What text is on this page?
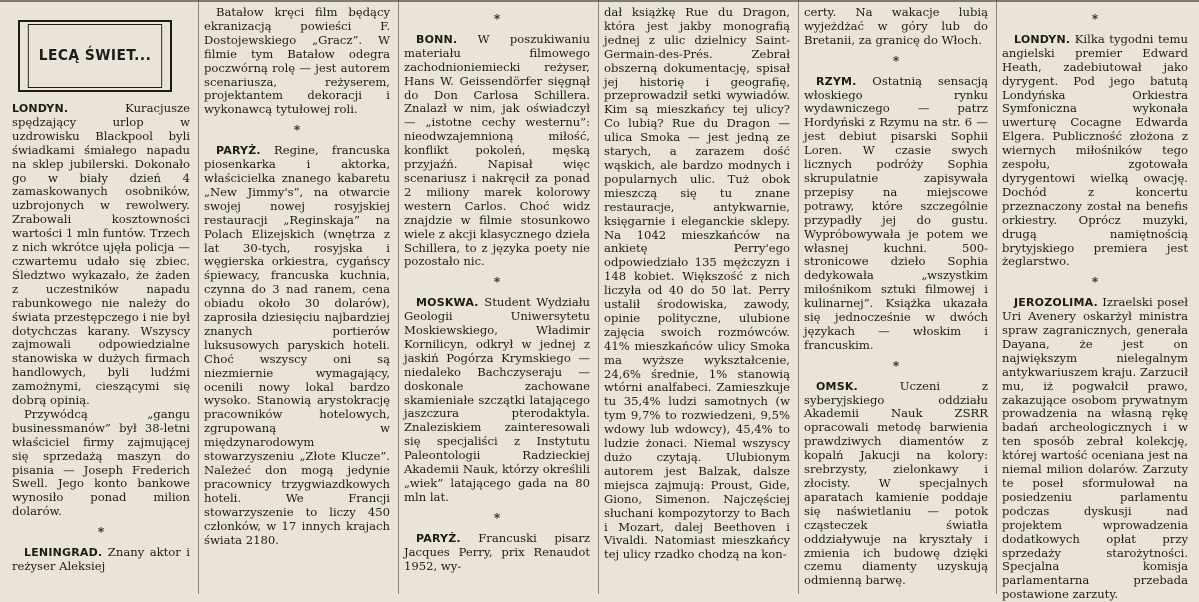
LECĄ ŚWIET...

LONDYN. Kuracjusze spędzający urlop w uzdrowisku Blackpool byli świadkami śmiałego napadu na sklep jubilerski. Dokonało go w biały dzień 4 zamaskowanych osobników, uzbrojonych w rewolwery. Zrabowali kosztowności wartości 1 mln funtów. Trzech z nich wkrótce ujęła policja — czwartemu udało się zbiec. Śledztwo wykazało, że żaden z uczestników napadu rabunkowego nie należy do świata przestępczego i nie był dotychczas karany. Wszyscy zajmowali odpowiedzialne stanowiska w dużych firmach handlowych, byli ludźmi zamożnymi, cieszącymi się dobrą opinią.

Przywódcą „gangu businessmanów” był 38-letni właściciel firmy zajmującej się sprzedażą maszyn do pisania — Joseph Frederich Swell. Jego konto bankowe wynosiło ponad milion dolarów.

*

LENINGRAD. Znany aktor i reżyser Aleksiej

Batałow kręci film będący ekranizacją powieści F. Dostojewskiego „Gracz”. W filmie tym Batałow odegra poczwórną rolę — jest autorem scenariusza, reżyserem, projektantem dekoracji i wykonawcą tytułowej roli.

*

PARYŻ. Regine, francuska piosenkarka i aktorka, właścicielka znanego kabaretu „New Jimmy's”, na otwarcie swojej nowej rosyjskiej restauracji „Reginskaja” na Polach Elizejskich (wnętrza z lat 30-tych, rosyjska i węgierska orkiestra, cygańscy śpiewacy, francuska kuchnia, czynna do 3 nad ranem, cena obiadu około 30 dolarów), zaprosiła dziesięciu najbardziej znanych portierów luksusowych paryskich hoteli. Choć wszyscy oni są niezmiernie wymagający, ocenili nowy lokal bardzo wysoko. Stanowią arystokrację pracowników hotelowych, zgrupowaną w międzynarodowym stowarzyszeniu „Złote Klucze”. Należeć don mogą jedynie pracownicy trzygwiazdkowych hoteli. We Francji stowarzyszenie to liczy 450 członków, w 17 innych krajach świata 2180.

*

BONN. W poszukiwaniu materiału filmowego zachodnioniemiecki reżyser, Hans W. Geissendörfer sięgnął do Don Carlosa Schillera. Znalazł w nim, jak oświadczył — „istotne cechy westernu”: nieodwzajemnioną miłość, konflikt pokoleń, męską przyjaźń. Napisał więc scenariusz i nakręcił za ponad 2 miliony marek kolorowy western Carlos. Choć widz znajdzie w filmie stosunkowo wiele z akcji klasycznego dzieła Schillera, to z języka poety nie pozostało nic.

*

MOSKWA. Student Wydziału Geologii Uniwersytetu Moskiewskiego, Władimir Korniliсyn, odkrył w jednej z jaskiń Pogórza Krymskiego — niedaleko Bachczyseraju — doskonale zachowane skamieniałe szczątki latającego jaszczura pterodaktyla. Znaleziskiem zainteresowali się specjaliści z Instytutu Paleontologii Radzieckiej Akademii Nauk, którzy określili „wiek” latającego gada na 80 mln lat.

*

PARYŻ. Francuski pisarz Jacques Perry, prix Renaudot 1952, wy-

dał książkę Rue du Dragon, która jest jakby monografią jednej z ulic dzielnicy Saint-Germain-des-Prés. Zebrał obszerną dokumentację, spisał jej historię i geografię, przeprowadził setki wywiadów. Kim są mieszkańcy tej ulicy? Co lubią? Rue du Dragon — ulica Smoka — jest jedną ze starych, a zarazem dość wąskich, ale bardzo modnych i popularnych ulic. Tuż obok mieszczą się tu znane restauracje, antykwarnie, księgarnie i eleganckie sklepy. Na 1042 mieszkańców na ankietę Perry'ego odpowiedziało 135 mężczyzn i 148 kobiet. Większość z nich liczyła od 40 do 50 lat. Perry ustalił środowiska, zawody, opinie polityczne, ulubione zajęcia swoich rozmówców. 41% mieszkańców ulicy Smoka ma wyższe wykształcenie, 24,6% średnie, 1% stanowią wtórni analfabeci. Zamieszkuje tu 35,4% ludzi samotnych (w tym 9,7% to rozwiedzeni, 9,5% wdowy lub wdowcy), 45,4% to ludzie żonaci. Niemal wszyscy dużo czytają. Ulubionym autorem jest Balzak, dalsze miejsca zajmują: Proust, Gide, Giono, Simenon. Najczęściej słuchani kompozytorzy to Bach i Mozart, dalej Beethoven i Vivaldi. Natomiast mieszkańcy tej ulicy rzadko chodzą na kon-

certy. Na wakacje lubią wyjeżdżać w góry lub do Bretanii, za granicę do Włoch.

*

RZYM. Ostatnią sensacją włoskiego rynku wydawniczego — patrz Hordyński z Rzymu na str. 6 — jest debiut pisarski Sophii Loren. W czasie swych licznych podróży Sophia skrupulatnie zapisywała przepisy na miejscowe potrawy, które szczególnie przypadły jej do gustu. Wypróbowywała je potem we własnej kuchni. 500-stronicowe dzieło Sophia dedykowała „wszystkim miłośnikom sztuki filmowej i kulinarnej”. Książka ukazała się jednocześnie w dwóch językach — włoskim i francuskim.

*

OMSK. Uczeni z syberyjskiego oddziału Akademii Nauk ZSRR opracowali metodę barwienia prawdziwych diamentów z kopalń Jakucji na kolory: srebrzysty, zielonkawy i złocisty. W specjalnych aparatach kamienie poddaje się naświetlaniu — potok cząsteczek światła oddziaływuje na kryształy i zmienia ich budowę dzięki czemu diamenty uzyskują odmienną barwę.

*

LONDYN. Kilka tygodni temu angielski premier Edward Heath, zadebiutował jako dyrygent. Pod jego batutą Londyńska Orkiestra Symfoniczna wykonała uwerturę Cocagne Edwarda Elgera. Publiczność złożona z wiernych miłośników tego zespołu, zgotowała dyrygentowi wielką owację. Dochód z koncertu przeznaczony został na benefis orkiestry. Oprócz muzyki, drugą namiętnością brytyjskiego premiera jest żeglarstwo.

*

JEROZOLIMA. Izraelski poseł Uri Avenery oskarżył ministra spraw zagranicznych, generała Dayana, że jest on największym nielegalnym antykwariuszem kraju. Zarzucił mu, iż pogwałcił prawo, zakazujące osobom prywatnym prowadzenia na własną rękę badań archeologicznych i w ten sposób zebrał kolekcję, której wartość oceniana jest na niemal milion dolarów. Zarzuty te poseł sformułował na posiedzeniu parlamentu podczas dyskusji nad projektem wprowadzenia dodatkowych opłat przy sprzedaży starożytności. Specjalna komisja parlamentarna przebada postawione zarzuty.
